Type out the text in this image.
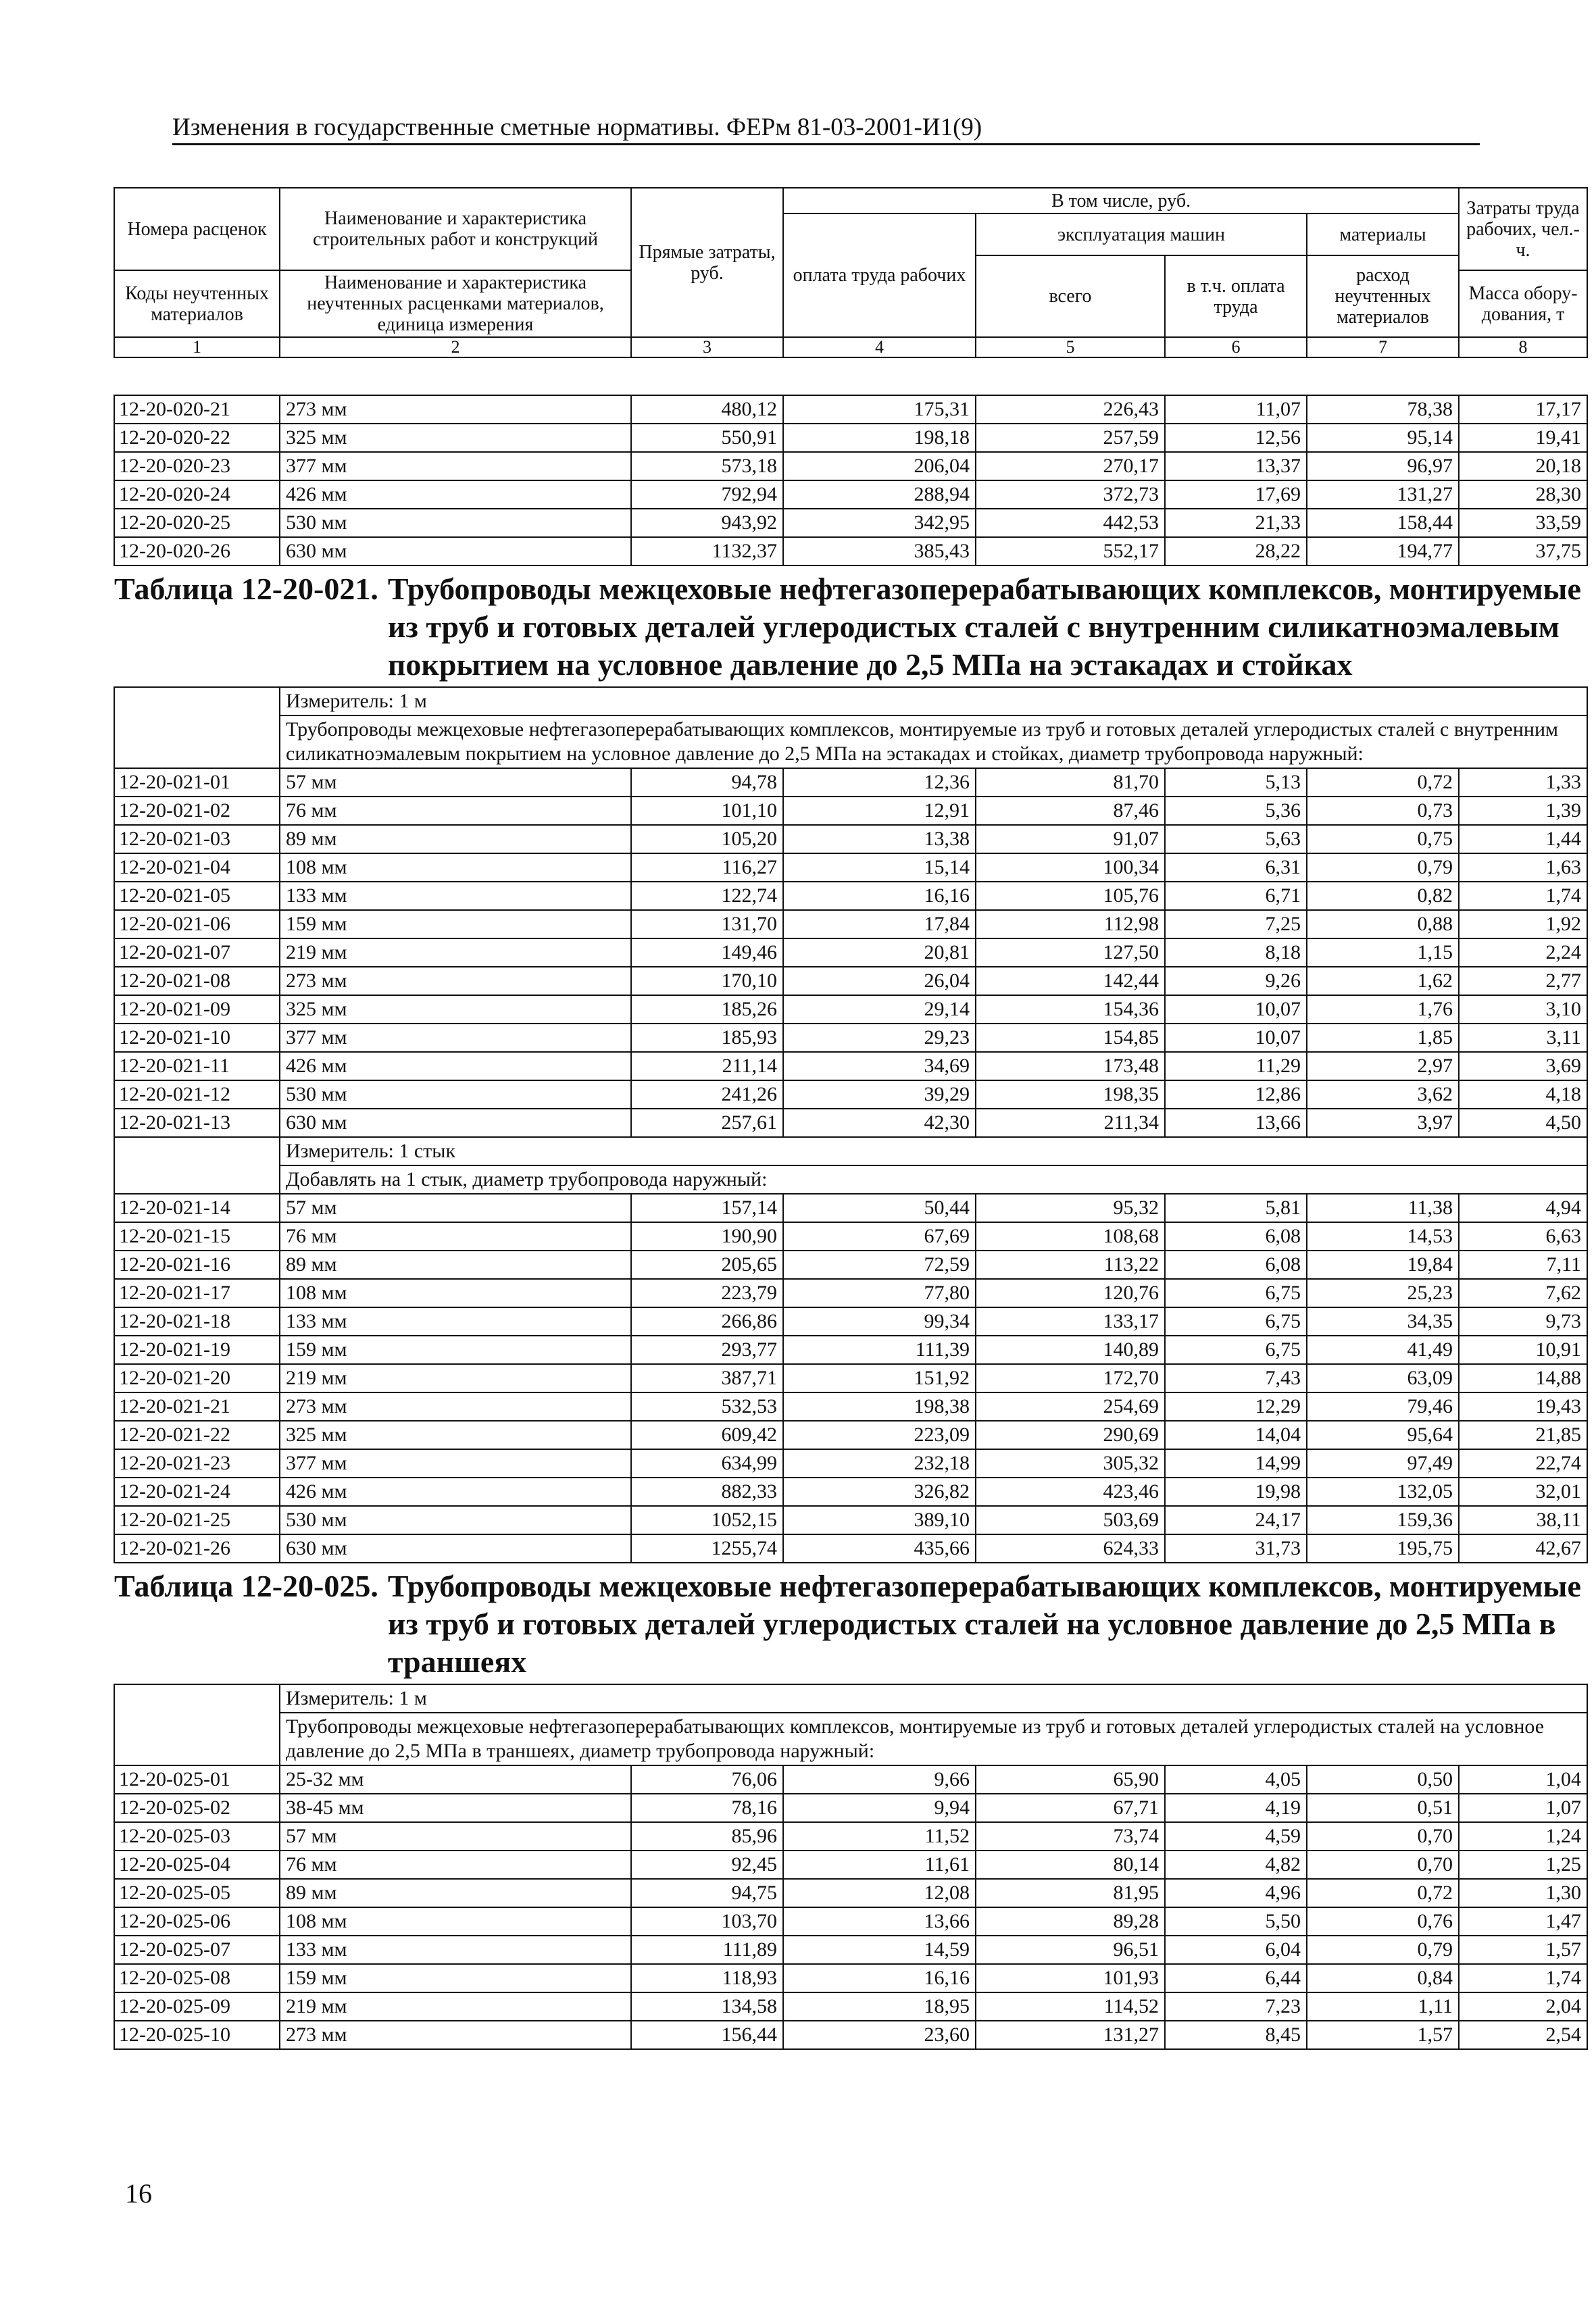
Изменения в государственные сметные нормативы. ФЕРм 81-03-2001-И1(9)
Номера расценок	Наименование и характеристика строительных работ и конструкций	Прямые затраты, руб.	В том числе, руб.				Затраты труда рабочих, чел.-ч.
			оплата труда рабочих	эксплуатация машин		материалы	
				всего	в т.ч. оплата труда	расход неучтенных материалов	
Коды неучтенных материалов	Наименование и характеристика неучтенных расценками материалов, единица измерения						Масса обору-дования, т

1	2	3	4	5	6	7	8
12-20-020-21	273 мм	480,12	175,31	226,43	11,07	78,38	17,17
12-20-020-22	325 мм	550,91	198,18	257,59	12,56	95,14	19,41
12-20-020-23	377 мм	573,18	206,04	270,17	13,37	96,97	20,18
12-20-020-24	426 мм	792,94	288,94	372,73	17,69	131,27	28,30
12-20-020-25	530 мм	943,92	342,95	442,53	21,33	158,44	33,59
12-20-020-26	630 мм	1132,37	385,43	552,17	28,22	194,77	37,75

Таблица 12-20-021. Трубопроводы межцеховые нефтегазоперерабатывающих комплексов, монтируемые из труб и готовых деталей углеродистых сталей с внутренним силикатноэмалевым покрытием на условное давление до 2,5 МПа на эстакадах и стойках							

	Измеритель: 1 м						
	Трубопроводы межцеховые нефтегазоперерабатывающих комплексов, монтируемые из труб и готовых деталей углеродистых сталей с внутренним силикатноэмалевым покрытием на условное давление до 2,5 МПа на эстакадах и стойках, диаметр трубопровода наружный:						
12-20-021-01	57 мм	94,78	12,36	81,70	5,13	0,72	1,33
12-20-021-02	76 мм	101,10	12,91	87,46	5,36	0,73	1,39
12-20-021-03	89 мм	105,20	13,38	91,07	5,63	0,75	1,44
12-20-021-04	108 мм	116,27	15,14	100,34	6,31	0,79	1,63
12-20-021-05	133 мм	122,74	16,16	105,76	6,71	0,82	1,74
12-20-021-06	159 мм	131,70	17,84	112,98	7,25	0,88	1,92
12-20-021-07	219 мм	149,46	20,81	127,50	8,18	1,15	2,24
12-20-021-08	273 мм	170,10	26,04	142,44	9,26	1,62	2,77
12-20-021-09	325 мм	185,26	29,14	154,36	10,07	1,76	3,10
12-20-021-10	377 мм	185,93	29,23	154,85	10,07	1,85	3,11
12-20-021-11	426 мм	211,14	34,69	173,48	11,29	2,97	3,69
12-20-021-12	530 мм	241,26	39,29	198,35	12,86	3,62	4,18
12-20-021-13	630 мм	257,61	42,30	211,34	13,66	3,97	4,50
	Измеритель: 1 стык						
	Добавлять на 1 стык, диаметр трубопровода наружный:						
12-20-021-14	57 мм	157,14	50,44	95,32	5,81	11,38	4,94
12-20-021-15	76 мм	190,90	67,69	108,68	6,08	14,53	6,63
12-20-021-16	89 мм	205,65	72,59	113,22	6,08	19,84	7,11
12-20-021-17	108 мм	223,79	77,80	120,76	6,75	25,23	7,62
12-20-021-18	133 мм	266,86	99,34	133,17	6,75	34,35	9,73
12-20-021-19	159 мм	293,77	111,39	140,89	6,75	41,49	10,91
12-20-021-20	219 мм	387,71	151,92	172,70	7,43	63,09	14,88
12-20-021-21	273 мм	532,53	198,38	254,69	12,29	79,46	19,43
12-20-021-22	325 мм	609,42	223,09	290,69	14,04	95,64	21,85
12-20-021-23	377 мм	634,99	232,18	305,32	14,99	97,49	22,74
12-20-021-24	426 мм	882,33	326,82	423,46	19,98	132,05	32,01
12-20-021-25	530 мм	1052,15	389,10	503,69	24,17	159,36	38,11
12-20-021-26	630 мм	1255,74	435,66	624,33	31,73	195,75	42,67

Таблица 12-20-025. Трубопроводы межцеховые нефтегазоперерабатывающих комплексов, монтируемые из труб и готовых деталей углеродистых сталей на условное давление до 2,5 МПа в траншеях							

	Измеритель: 1 м						
	Трубопроводы межцеховые нефтегазоперерабатывающих комплексов, монтируемые из труб и готовых деталей углеродистых сталей на условное давление до 2,5 МПа в траншеях, диаметр трубопровода наружный:						
12-20-025-01	25-32 мм	76,06	9,66	65,90	4,05	0,50	1,04
12-20-025-02	38-45 мм	78,16	9,94	67,71	4,19	0,51	1,07
12-20-025-03	57 мм	85,96	11,52	73,74	4,59	0,70	1,24
12-20-025-04	76 мм	92,45	11,61	80,14	4,82	0,70	1,25
12-20-025-05	89 мм	94,75	12,08	81,95	4,96	0,72	1,30
12-20-025-06	108 мм	103,70	13,66	89,28	5,50	0,76	1,47
12-20-025-07	133 мм	111,89	14,59	96,51	6,04	0,79	1,57
12-20-025-08	159 мм	118,93	16,16	101,93	6,44	0,84	1,74
12-20-025-09	219 мм	134,58	18,95	114,52	7,23	1,11	2,04
12-20-025-10	273 мм	156,44	23,60	131,27	8,45	1,57	2,54
16
